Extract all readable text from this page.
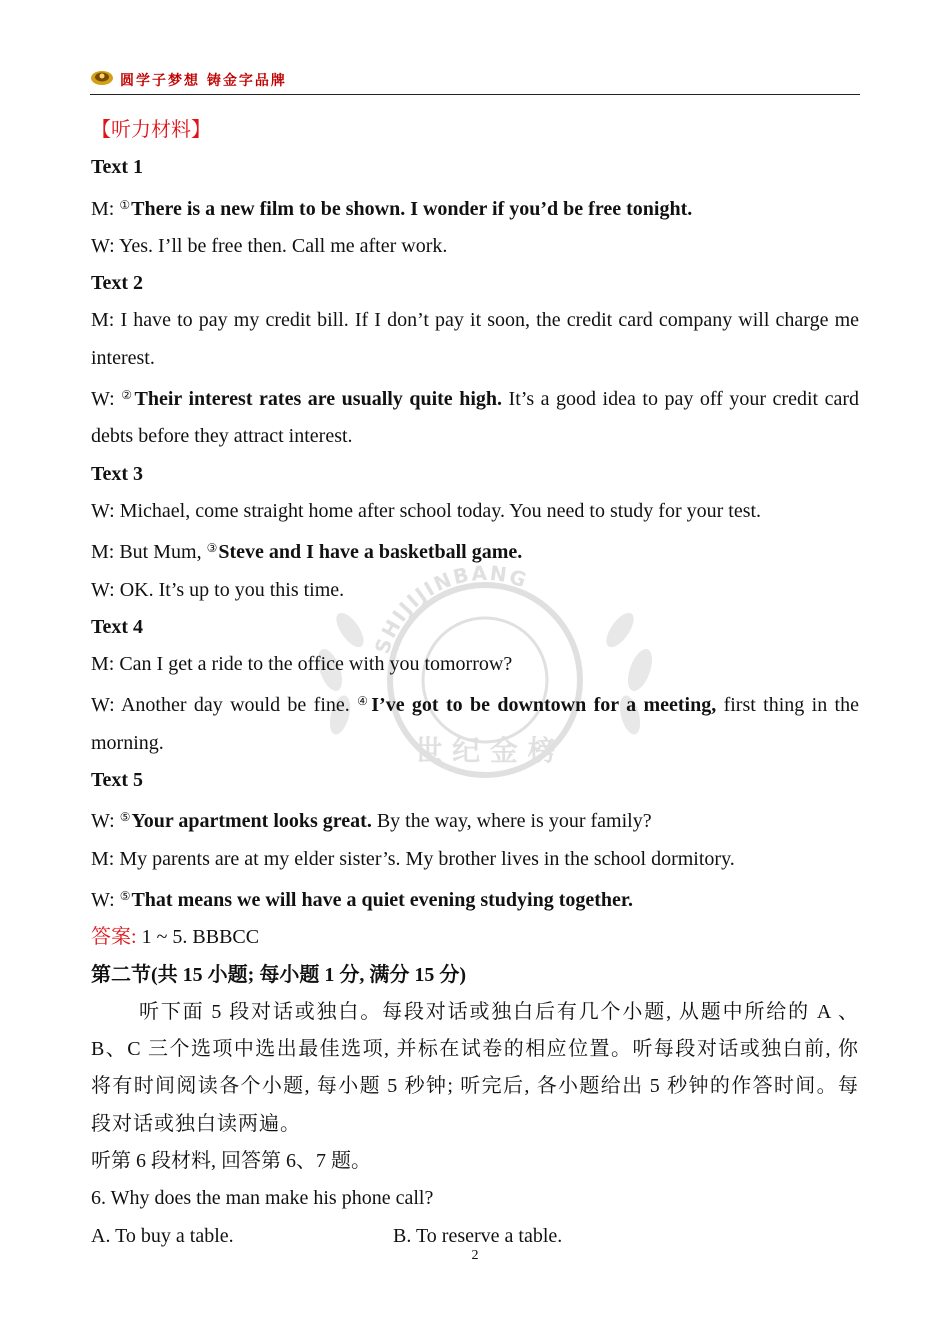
圆学子梦想 铸金字品牌
SHIJIJINBANG
世 纪 金 榜

【听力材料】

Text 1

M: ①There is a new film to be shown. I wonder if you’d be free tonight.

W: Yes. I’ll be free then. Call me after work.

Text 2

M: I have to pay my credit bill. If I don’t pay it soon, the credit card company will charge me interest.

W: ②Their interest rates are usually quite high. It’s a good idea to pay off your credit card debts before they attract interest.

Text 3

W: Michael, come straight home after school today. You need to study for your test.

M: But Mum, ③Steve and I have a basketball game.

W: OK. It’s up to you this time.

Text 4

M: Can I get a ride to the office with you tomorrow?

W: Another day would be fine. ④I’ve got to be downtown for a meeting, first thing in the morning.

Text 5

W: ⑤Your apartment looks great. By the way, where is your family?

M: My parents are at my elder sister’s. My brother lives in the school dormitory.

W: ⑤That means we will have a quiet evening studying together.

答案: 1 ~ 5. BBBCC

第二节(共 15 小题; 每小题 1 分, 满分 15 分)

听下面 5 段对话或独白。每段对话或独白后有几个小题, 从题中所给的 A 、B、C 三个选项中选出最佳选项, 并标在试卷的相应位置。听每段对话或独白前, 你将有时间阅读各个小题, 每小题 5 秒钟; 听完后, 各小题给出 5 秒钟的作答时间。每段对话或独白读两遍。

听第 6 段材料, 回答第 6、7 题。

6. Why does the man make his phone call?

A. To buy a table.	B. To reserve a table.
2
